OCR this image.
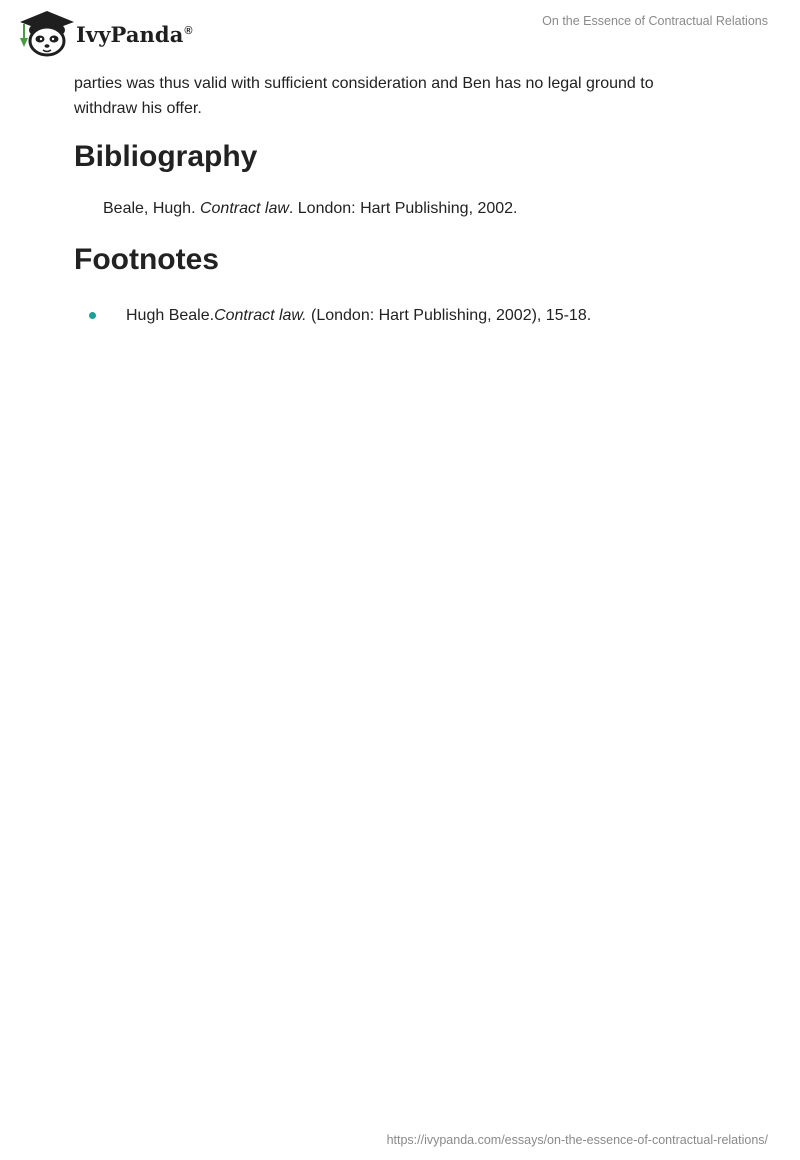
IvyPanda®
On the Essence of Contractual Relations

parties was thus valid with sufficient consideration and Ben has no legal ground to withdraw his offer.

Bibliography
Beale, Hugh. Contract law. London: Hart Publishing, 2002.
Footnotes
Hugh Beale.Contract law. (London: Hart Publishing, 2002), 15-18.
https://ivypanda.com/essays/on-the-essence-of-contractual-relations/
